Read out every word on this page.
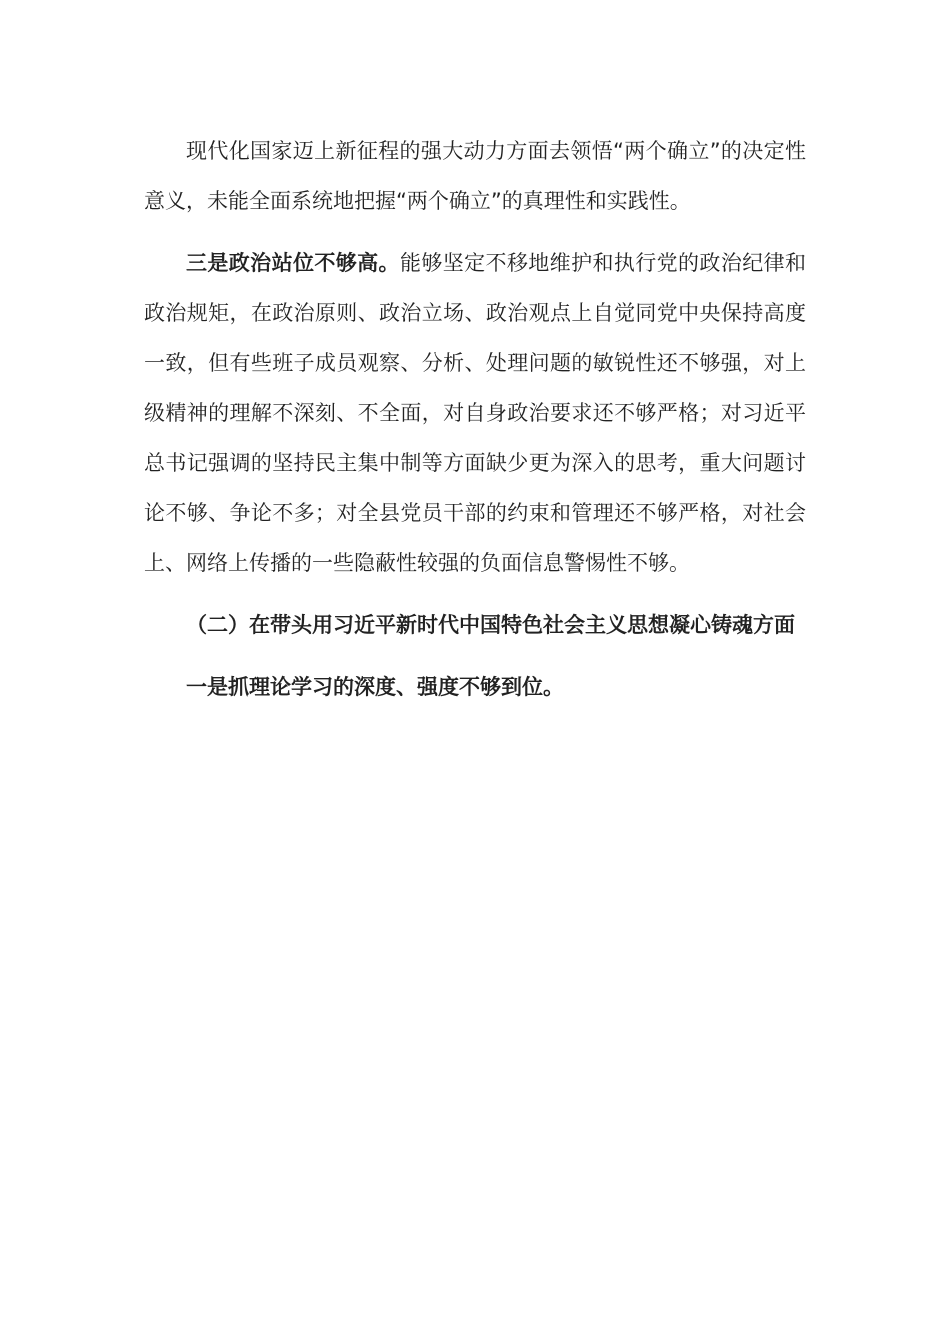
现代化国家迈上新征程的强大动力方面去领悟“两个确立”的决定性意义，未能全面系统地把握“两个确立”的真理性和实践性。

三是政治站位不够高。能够坚定不移地维护和执行党的政治纪律和政治规矩，在政治原则、政治立场、政治观点上自觉同党中央保持高度一致，但有些班子成员观察、分析、处理问题的敏锐性还不够强，对上级精神的理解不深刻、不全面，对自身政治要求还不够严格；对习近平总书记强调的坚持民主集中制等方面缺少更为深入的思考，重大问题讨论不够、争论不多；对全县党员干部的约束和管理还不够严格，对社会上、网络上传播的一些隐蔽性较强的负面信息警惕性不够。

（二）在带头用习近平新时代中国特色社会主义思想凝心铸魂方面

一是抓理论学习的深度、强度不够到位。
